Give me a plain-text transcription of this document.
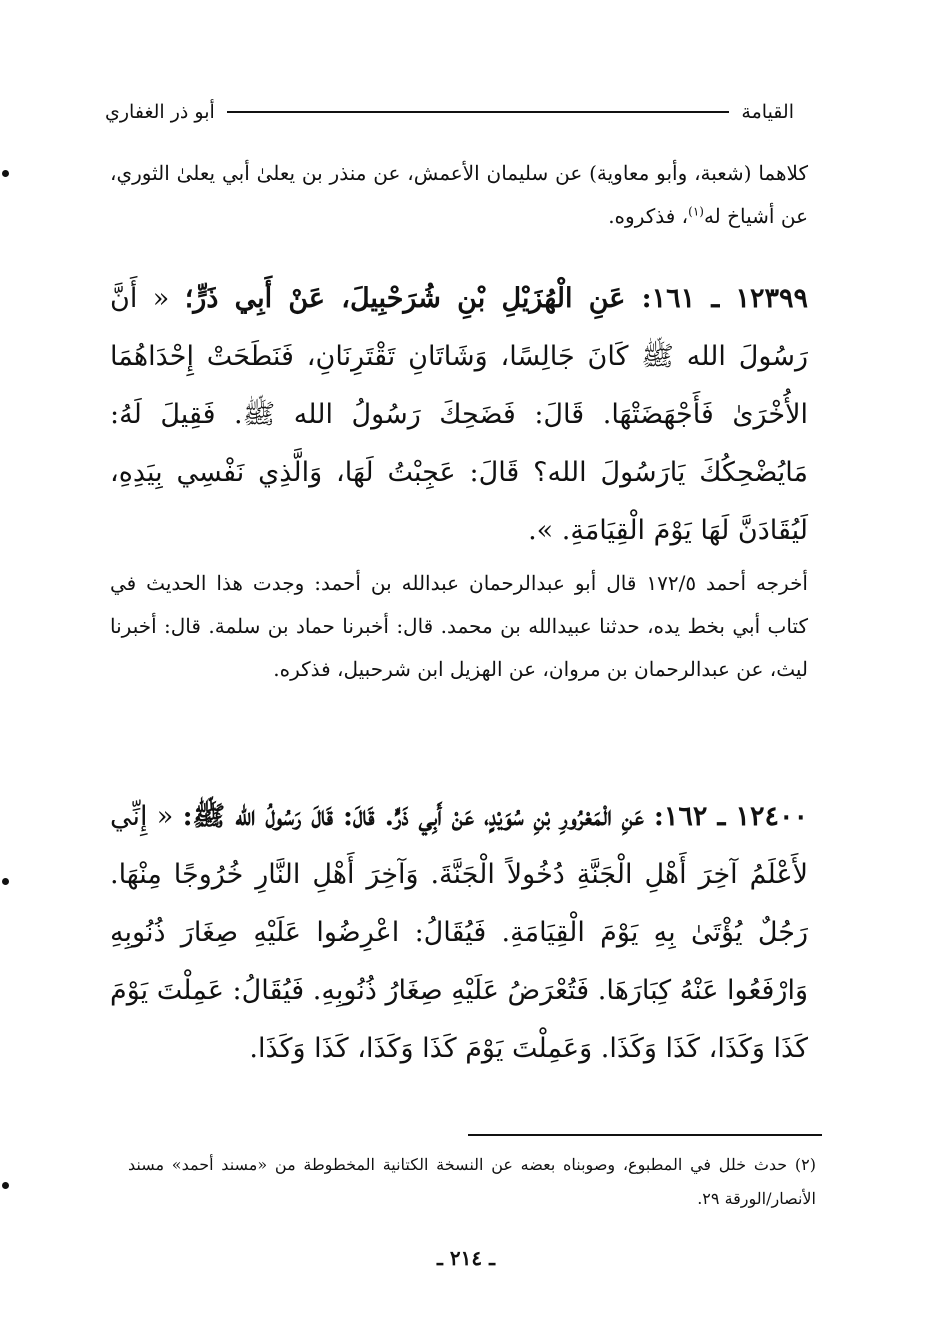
القيامة
أبو ذر الغفاري

كلاهما (شعبة، وأبو معاوية) عن سليمان الأعمش، عن منذر بن يعلىٰ أبي يعلىٰ الثوري، عن أشياخ له$^{(١)}$، فذكروه.

١٢٣٩٩ ـ ١٦١: عَنِ الْهُزَيْلِ بْنِ شُرَحْبِيلَ، عَنْ أَبِي ذَرٍّ؛ « أَنَّ رَسُولَ الله ﷺ كَانَ جَالِسًا، وَشَاتَانِ تَقْتَرِنَانِ، فَنَطَحَتْ إِحْدَاهُمَا الأُخْرَىٰ فَأَجْهَضَتْهَا. قَالَ: فَضَحِكَ رَسُولُ الله ﷺ. فَقِيلَ لَهُ: مَايُضْحِكُكَ يَارَسُولَ الله؟ قَالَ: عَجِبْتُ لَهَا، وَالَّذِي نَفْسِي بِيَدِهِ، لَيُقَادَنَّ لَهَا يَوْمَ الْقِيَامَةِ. ».

أخرجه أحمد ١٧٢/٥ قال أبو عبدالرحمان عبدالله بن أحمد: وجدت هذا الحديث في كتاب أبي بخط يده، حدثنا عبيدالله بن محمد. قال: أخبرنا حماد بن سلمة. قال: أخبرنا ليث، عن عبدالرحمان بن مروان، عن الهزيل ابن شرحبيل، فذكره.

١٢٤٠٠ ـ ١٦٢: عَنِ الْمَعْرُورِ بْنِ سُوَيْدٍ، عَنْ أَبِي ذَرٍّ. قَالَ: قَالَ رَسُولُ الله ﷺ: « إِنِّي لأَعْلَمُ آخِرَ أَهْلِ الْجَنَّةِ دُخُولاً الْجَنَّةَ. وَآخِرَ أَهْلِ النَّارِ خُرُوجًا مِنْهَا. رَجُلٌ يُؤْتَىٰ بِهِ يَوْمَ الْقِيَامَةِ. فَيُقَالُ: اعْرِضُوا عَلَيْهِ صِغَارَ ذُنُوبِهِ وَارْفَعُوا عَنْهُ كِبَارَهَا. فَتُعْرَضُ عَلَيْهِ صِغَارُ ذُنُوبِهِ. فَيُقَالُ: عَمِلْتَ يَوْمَ كَذَا وَكَذَا، كَذَا وَكَذَا. وَعَمِلْتَ يَوْمَ كَذَا وَكَذَا، كَذَا وَكَذَا.

(٢) حدث خلل في المطبوع، وصوبناه بعضه عن النسخة الكتانية المخطوطة من «مسند أحمد» مسند الأنصار/الورقة ٢٩.
ـ ٢١٤ ـ
